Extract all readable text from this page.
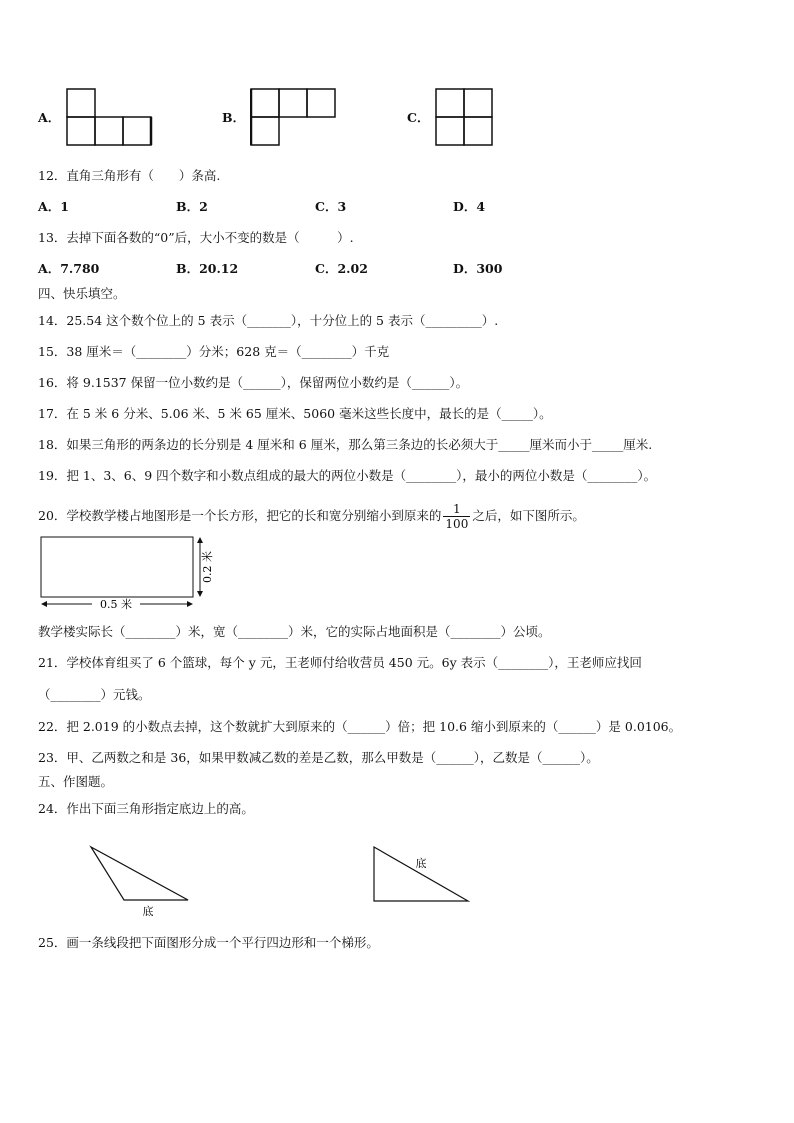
A．	B．	C．
12．直角三角形有（　　）条高.
A．1	B．2	C．3	D．4
13．去掉下面各数的“0”后，大小不变的数是（　　　）.
A．7.780	B．20.12	C．2.02	D．300
四、快乐填空。
14．25.54 这个数个位上的 5 表示（_______），十分位上的 5 表示（_________）.
15．38 厘米＝（________）分米；628 克＝（________）千克
16．将 9.1537 保留一位小数约是（______），保留两位小数约是（______）。
17．在 5 米 6 分米、5.06 米、5 米 65 厘米、5060 毫米这些长度中，最长的是（_____）。
18．如果三角形的两条边的长分别是 4 厘米和 6 厘米，那么第三条边的长必须大于_____厘米而小于_____厘米.
19．把 1、3、6、9 四个数字和小数点组成的最大的两位小数是（________），最小的两位小数是（________）。
20．学校教学楼占地图形是一个长方形，把它的长和宽分别缩小到原来的 $\frac{1}{100}$ 之后，如下图所示。
0.2 米
0.5 米
教学楼实际长（________）米，宽（________）米，它的实际占地面积是（________）公顷。
21．学校体育组买了 6 个篮球，每个 y 元，王老师付给收营员 450 元。6y 表示（________），王老师应找回
（________）元钱。
22．把 2.019 的小数点去掉，这个数就扩大到原来的（______）倍；把 10.6 缩小到原来的（______）是 0.0106。
23．甲、乙两数之和是 36，如果甲数减乙数的差是乙数，那么甲数是（______），乙数是（______）。
五、作图题。
24．作出下面三角形指定底边上的高。
底
底
25．画一条线段把下面图形分成一个平行四边形和一个梯形。
